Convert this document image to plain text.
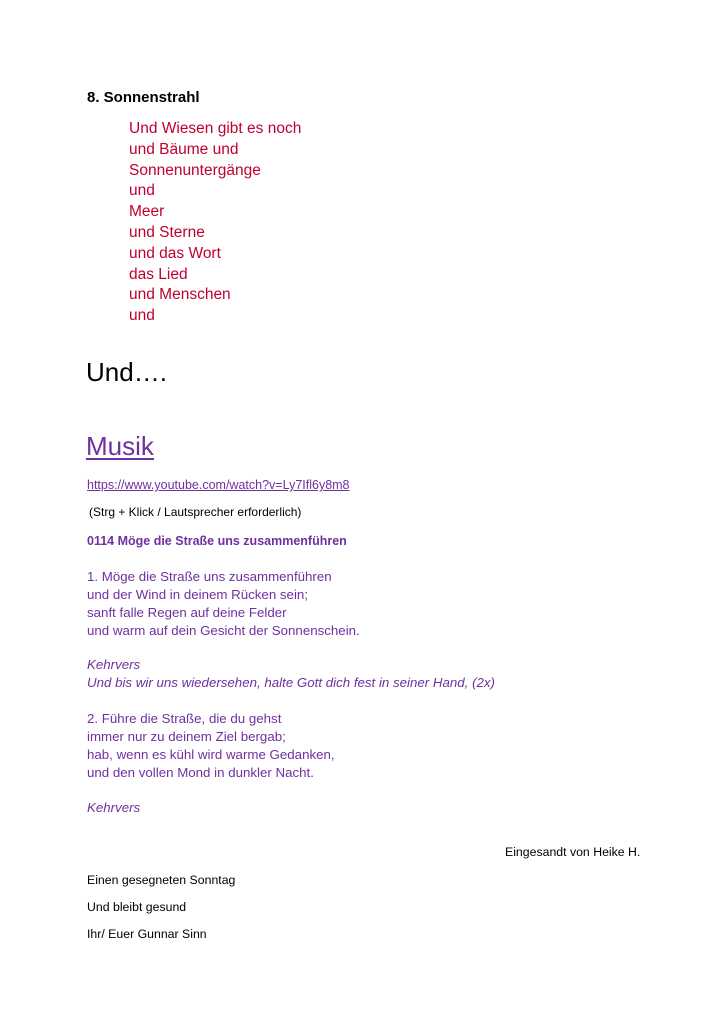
8. Sonnenstrahl
Und Wiesen gibt es noch
und Bäume und
Sonnenuntergänge
und
Meer
und Sterne
und das Wort
das Lied
und Menschen
und
Und….
Musik
https://www.youtube.com/watch?v=Ly7Ifl6y8m8
(Strg + Klick / Lautsprecher erforderlich)
0114 Möge die Straße uns zusammenführen
1. Möge die Straße uns zusammenführen
und der Wind in deinem Rücken sein;
sanft falle Regen auf deine Felder
und warm auf dein Gesicht der Sonnenschein.
Kehrvers
Und bis wir uns wiedersehen, halte Gott dich fest in seiner Hand, (2x)
2. Führe die Straße, die du gehst
immer nur zu deinem Ziel bergab;
hab, wenn es kühl wird warme Gedanken,
und den vollen Mond in dunkler Nacht.
Kehrvers
Eingesandt von Heike H.
Einen gesegneten Sonntag
Und bleibt gesund
Ihr/ Euer Gunnar Sinn
